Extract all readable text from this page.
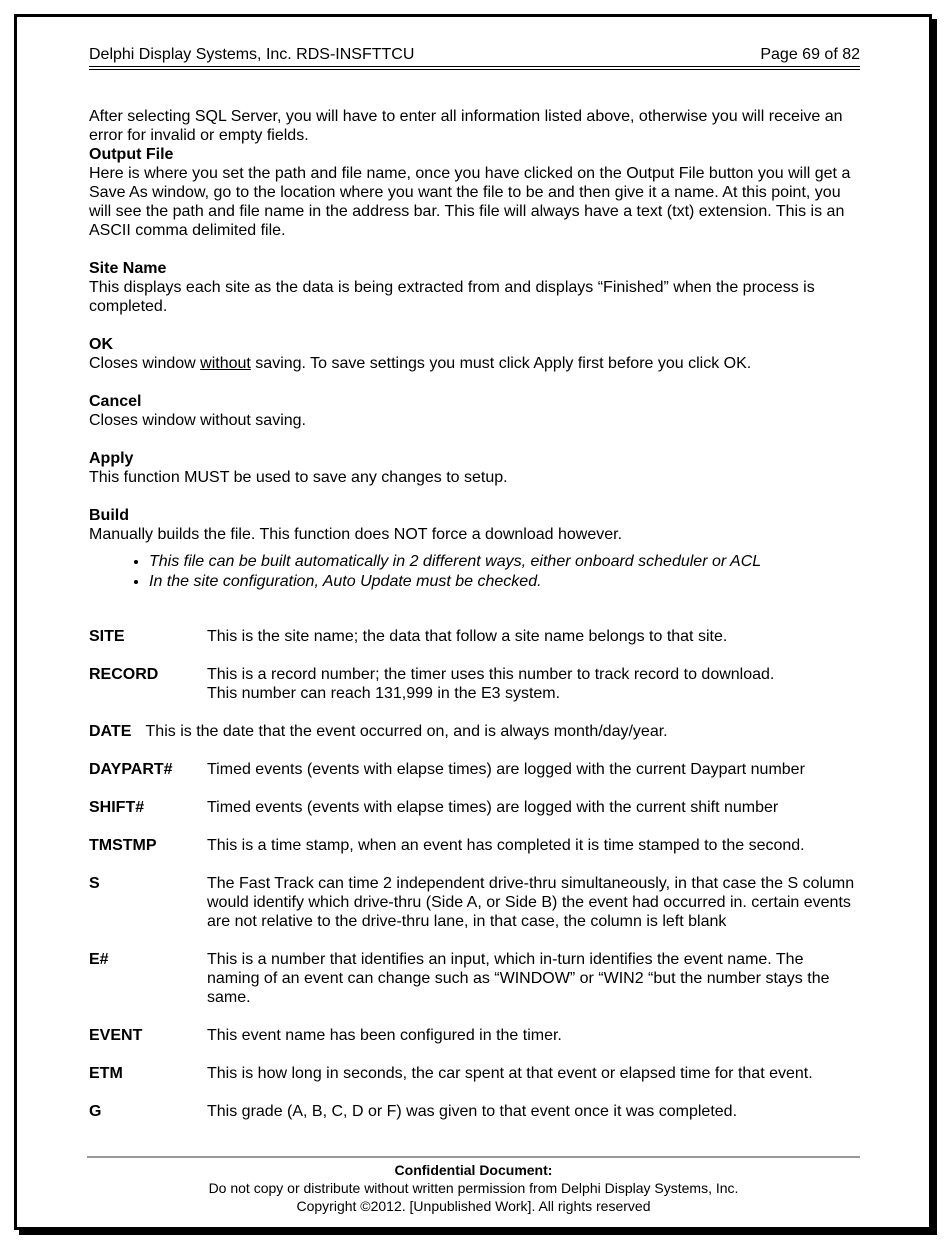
Delphi Display Systems, Inc. RDS-INSFTTCU	Page 69 of 82

After selecting SQL Server, you will have to enter all information listed above, otherwise you will receive an error for invalid or empty fields.

Output File

Here is where you set the path and file name, once you have clicked on the Output File button you will get a Save As window, go to the location where you want the file to be and then give it a name. At this point, you will see the path and file name in the address bar. This file will always have a text (txt) extension. This is an ASCII comma delimited file.

Site Name

This displays each site as the data is being extracted from and displays “Finished” when the process is completed.

OK

Closes window without saving. To save settings you must click Apply first before you click OK.

Cancel

Closes window without saving.

Apply

This function MUST be used to save any changes to setup.

Build

Manually builds the file. This function does NOT force a download however.

• This file can be built automatically in 2 different ways, either onboard scheduler or ACL
• In the site configuration, Auto Update must be checked.
SITE	This is the site name; the data that follow a site name belongs to that site.
RECORD	This is a record number; the timer uses this number to track record to download.
This number can reach 131,999 in the E3 system.
DATE This is the date that the event occurred on, and is always month/day/year.
DAYPART#	Timed events (events with elapse times) are logged with the current Daypart number
SHIFT#	Timed events (events with elapse times) are logged with the current shift number
TMSTMP	This is a time stamp, when an event has completed it is time stamped to the second.
S	The Fast Track can time 2 independent drive-thru simultaneously, in that case the S column would identify which drive-thru (Side A, or Side B) the event had occurred in. certain events are not relative to the drive-thru lane, in that case, the column is left blank
E#	This is a number that identifies an input, which in-turn identifies the event name. The naming of an event can change such as “WINDOW” or “WIN2 “but the number stays the same.
EVENT	This event name has been configured in the timer.
ETM	This is how long in seconds, the car spent at that event or elapsed time for that event.
G	This grade (A, B, C, D or F) was given to that event once it was completed.
Confidential Document:
Do not copy or distribute without written permission from Delphi Display Systems, Inc.
Copyright ©2012. [Unpublished Work]. All rights reserved
